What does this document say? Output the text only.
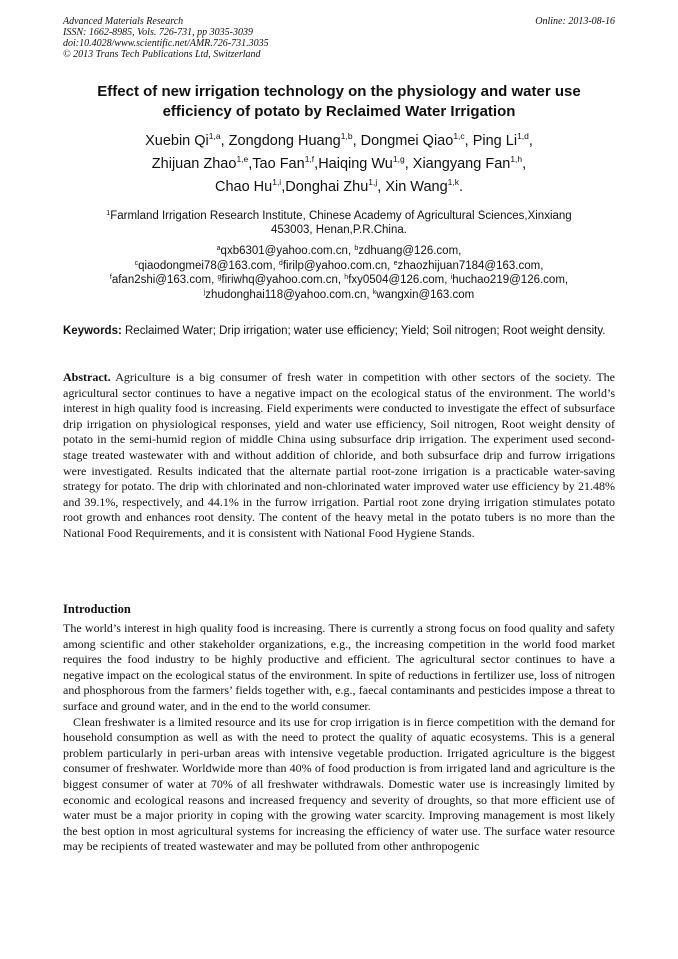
Advanced Materials Research
ISSN: 1662-8985, Vols. 726-731, pp 3035-3039
doi:10.4028/www.scientific.net/AMR.726-731.3035
© 2013 Trans Tech Publications Ltd, Switzerland
Online: 2013-08-16
Effect of new irrigation technology on the physiology and water use
efficiency of potato by Reclaimed Water Irrigation
Xuebin Qi$^{1,a}$, Zongdong Huang$^{1,b}$, Dongmei Qiao$^{1,c}$, Ping Li$^{1,d}$,
Zhijuan Zhao$^{1,e}$,Tao Fan$^{1,f}$,Haiqing Wu$^{1,g}$, Xiangyang Fan$^{1,h}$,
Chao Hu$^{1,i}$,Donghai Zhu$^{1,j}$, Xin Wang$^{1,k}$.
$^1$Farmland Irrigation Research Institute, Chinese Academy of Agricultural Sciences,Xinxiang
453003, Henan,P.R.China.
$^a$qxb6301@yahoo.com.cn, $^b$zdhuang@126.com,
$^c$qiaodongmei78@163.com, $^d$firilp@yahoo.com.cn, $^e$zhaozhijuan7184@163.com,
$^f$afan2shi@163.com, $^g$firiwhq@yahoo.com.cn, $^h$fxy0504@126.com, $^i$huchao219@126.com,
$^j$zhudonghai118@yahoo.com.cn, $^k$wangxin@163.com
Keywords: Reclaimed Water; Drip irrigation; water use efficiency; Yield; Soil nitrogen; Root weight density.
Abstract. Agriculture is a big consumer of fresh water in competition with other sectors of the society. The agricultural sector continues to have a negative impact on the ecological status of the environment. The world’s interest in high quality food is increasing. Field experiments were conducted to investigate the effect of subsurface drip irrigation on physiological responses, yield and water use efficiency, Soil nitrogen, Root weight density of potato in the semi-humid region of middle China using subsurface drip irrigation. The experiment used second-stage treated wastewater with and without addition of chloride, and both subsurface drip and furrow irrigations were investigated. Results indicated that the alternate partial root-zone irrigation is a practicable water-saving strategy for potato. The drip with chlorinated and non-chlorinated water improved water use efficiency by 21.48% and 39.1%, respectively, and 44.1% in the furrow irrigation. Partial root zone drying irrigation stimulates potato root growth and enhances root density. The content of the heavy metal in the potato tubers is no more than the National Food Requirements, and it is consistent with National Food Hygiene Stands.
Introduction

The world’s interest in high quality food is increasing. There is currently a strong focus on food quality and safety among scientific and other stakeholder organizations, e.g., the increasing competition in the world food market requires the food industry to be highly productive and efficient. The agricultural sector continues to have a negative impact on the ecological status of the environment. In spite of reductions in fertilizer use, loss of nitrogen and phosphorous from the farmers’ fields together with, e.g., faecal contaminants and pesticides impose a threat to surface and ground water, and in the end to the world consumer.

Clean freshwater is a limited resource and its use for crop irrigation is in fierce competition with the demand for household consumption as well as with the need to protect the quality of aquatic ecosystems. This is a general problem particularly in peri-urban areas with intensive vegetable production. Irrigated agriculture is the biggest consumer of freshwater. Worldwide more than 40% of food production is from irrigated land and agriculture is the biggest consumer of water at 70% of all freshwater withdrawals. Domestic water use is increasingly limited by economic and ecological reasons and increased frequency and severity of droughts, so that more efficient use of water must be a major priority in coping with the growing water scarcity. Improving management is most likely the best option in most agricultural systems for increasing the efficiency of water use. The surface water resource may be recipients of treated wastewater and may be polluted from other anthropogenic
